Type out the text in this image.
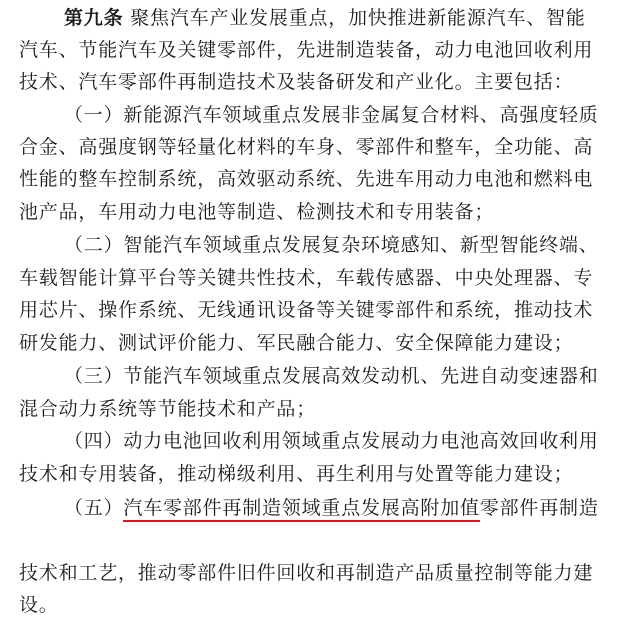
第九条 聚焦汽车产业发展重点，加快推进新能源汽车、智能
汽车、节能汽车及关键零部件，先进制造装备，动力电池回收利用
技术、汽车零部件再制造技术及装备研发和产业化。主要包括：
（一）新能源汽车领域重点发展非金属复合材料、高强度轻质
合金、高强度钢等轻量化材料的车身、零部件和整车，全功能、高
性能的整车控制系统，高效驱动系统、先进车用动力电池和燃料电
池产品，车用动力电池等制造、检测技术和专用装备；
（二）智能汽车领域重点发展复杂环境感知、新型智能终端、
车载智能计算平台等关键共性技术，车载传感器、中央处理器、专
用芯片、操作系统、无线通讯设备等关键零部件和系统，推动技术
研发能力、测试评价能力、军民融合能力、安全保障能力建设；
（三）节能汽车领域重点发展高效发动机、先进自动变速器和
混合动力系统等节能技术和产品；
（四）动力电池回收利用领域重点发展动力电池高效回收利用
技术和专用装备，推动梯级利用、再生利用与处置等能力建设；
（五）汽车零部件再制造领域重点发展高附加值零部件再制造
技术和工艺，推动零部件旧件回收和再制造产品质量控制等能力建
设。
